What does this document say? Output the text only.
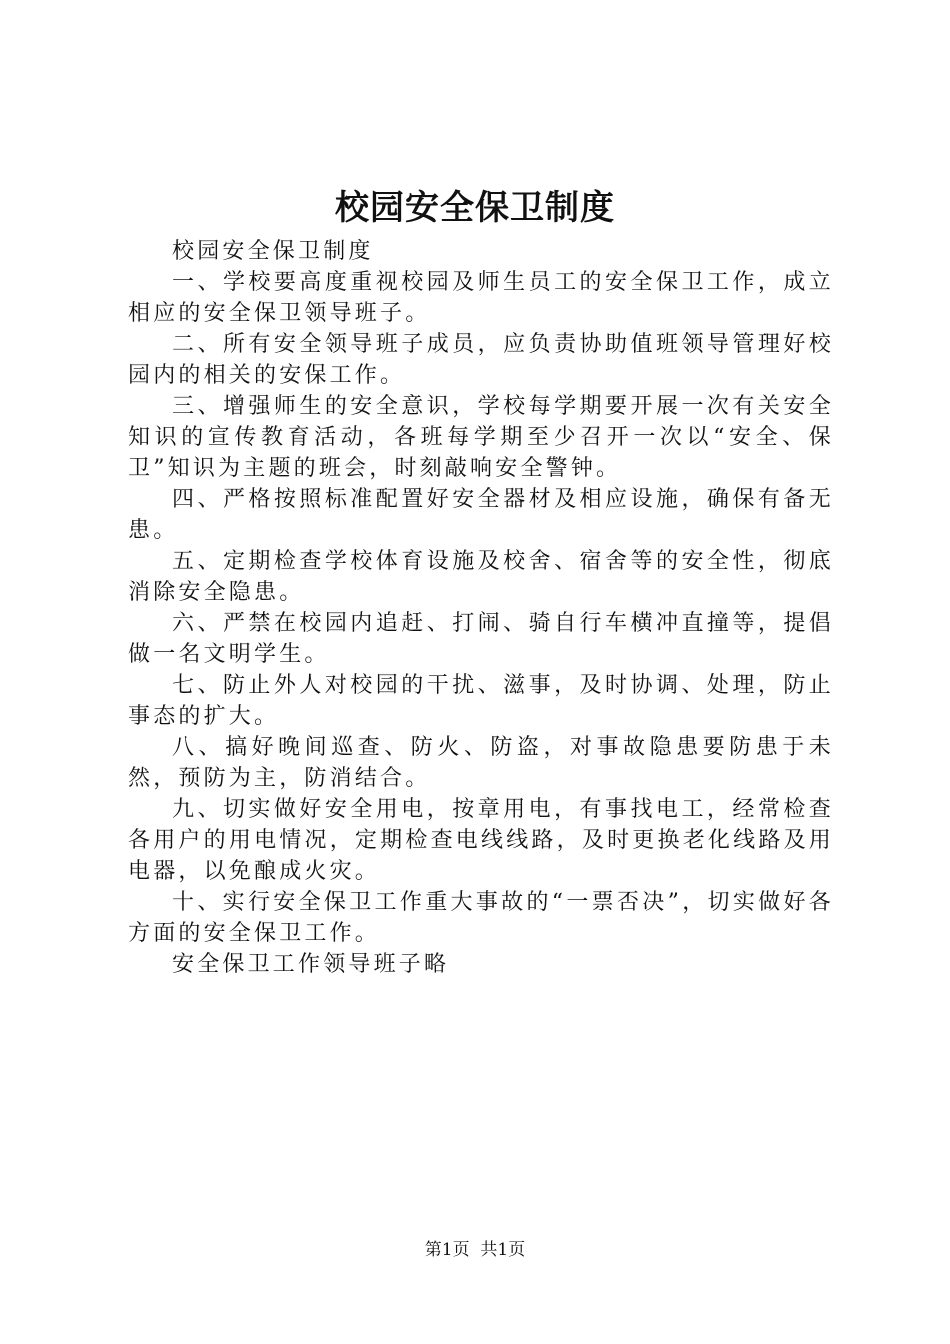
校园安全保卫制度

校园安全保卫制度

一、学校要高度重视校园及师生员工的安全保卫工作，成立相应的安全保卫领导班子。

二、所有安全领导班子成员，应负责协助值班领导管理好校园内的相关的安保工作。

三、增强师生的安全意识，学校每学期要开展一次有关安全知识的宣传教育活动，各班每学期至少召开一次以“安全、保卫”知识为主题的班会，时刻敲响安全警钟。

四、严格按照标准配置好安全器材及相应设施，确保有备无患。

五、定期检查学校体育设施及校舍、宿舍等的安全性，彻底消除安全隐患。

六、严禁在校园内追赶、打闹、骑自行车横冲直撞等，提倡做一名文明学生。

七、防止外人对校园的干扰、滋事，及时协调、处理，防止事态的扩大。

八、搞好晚间巡查、防火、防盗，对事故隐患要防患于未然，预防为主，防消结合。

九、切实做好安全用电，按章用电，有事找电工，经常检查各用户的用电情况，定期检查电线线路，及时更换老化线路及用电器，以免酿成火灾。

十、实行安全保卫工作重大事故的“一票否决”，切实做好各方面的安全保卫工作。

安全保卫工作领导班子略

第1页  共1页
